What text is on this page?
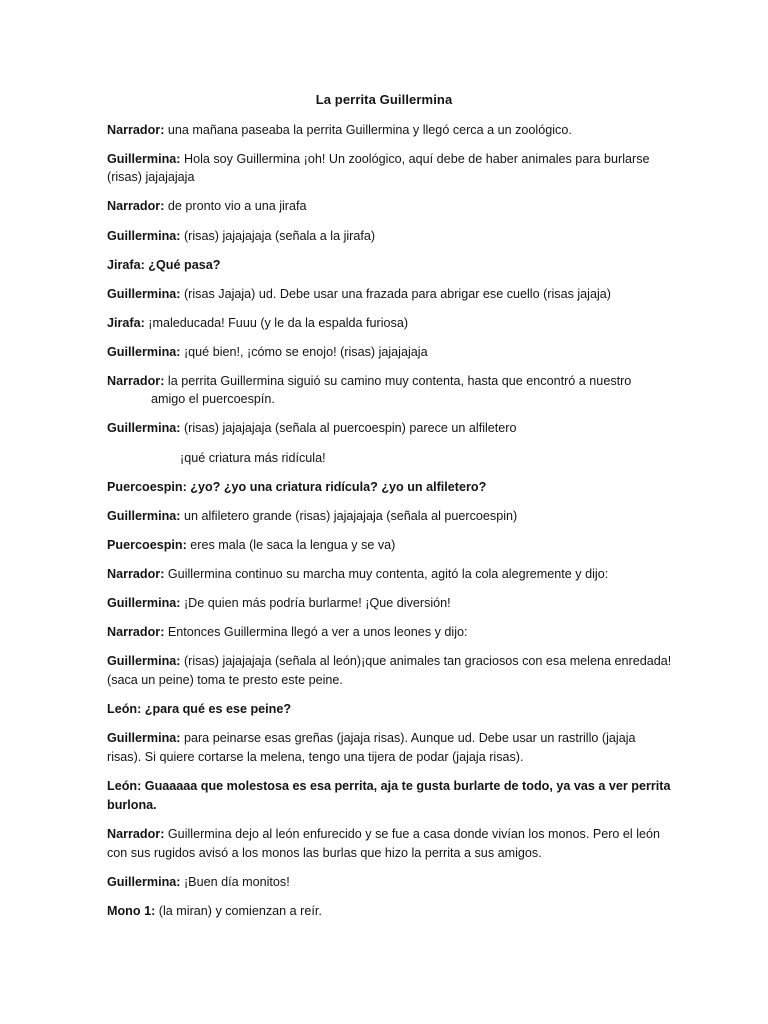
La perrita Guillermina
Narrador: una mañana paseaba la perrita Guillermina y llegó cerca a un zoológico.
Guillermina: Hola soy Guillermina ¡oh! Un zoológico, aquí debe de haber animales para burlarse
(risas) jajajajaja
Narrador: de pronto vio a una jirafa
Guillermina: (risas) jajajajaja (señala a la jirafa)
Jirafa: ¿Qué pasa?
Guillermina: (risas Jajaja) ud. Debe usar una frazada para abrigar ese cuello (risas jajaja)
Jirafa: ¡maleducada! Fuuu (y le da la espalda furiosa)
Guillermina: ¡qué bien!, ¡cómo se enojo! (risas) jajajajaja
Narrador: la perrita Guillermina siguió su camino muy contenta, hasta que encontró a nuestro
amigo el puercoespín.
Guillermina: (risas) jajajajaja (señala al puercoespin) parece un alfiletero
¡qué criatura más ridícula!
Puercoespin: ¿yo? ¿yo una criatura ridícula? ¿yo un alfiletero?
Guillermina: un alfiletero grande (risas) jajajajaja (señala al puercoespin)
Puercoespin: eres mala (le saca la lengua y se va)
Narrador: Guillermina continuo su marcha muy contenta, agitó la cola alegremente y dijo:
Guillermina: ¡De quien más podría burlarme! ¡Que diversión!
Narrador: Entonces Guillermina llegó a ver a unos leones y dijo:
Guillermina: (risas) jajajajaja (señala al león)¡que animales tan graciosos con esa melena enredada!
(saca un peine) toma te presto este peine.
León: ¿para qué es ese peine?
Guillermina: para peinarse esas greñas (jajaja risas). Aunque ud. Debe usar un rastrillo (jajaja
risas). Si quiere cortarse la melena, tengo una tijera de podar (jajaja risas).
León: Guaaaaa que molestosa es esa perrita, aja te gusta burlarte de todo, ya vas a ver perrita
burlona.
Narrador: Guillermina dejo al león enfurecido y se fue a casa donde vivían los monos. Pero el león
con sus rugidos avisó a los monos las burlas que hizo la perrita a sus amigos.
Guillermina: ¡Buen día monitos!
Mono 1: (la miran) y comienzan a reír.
